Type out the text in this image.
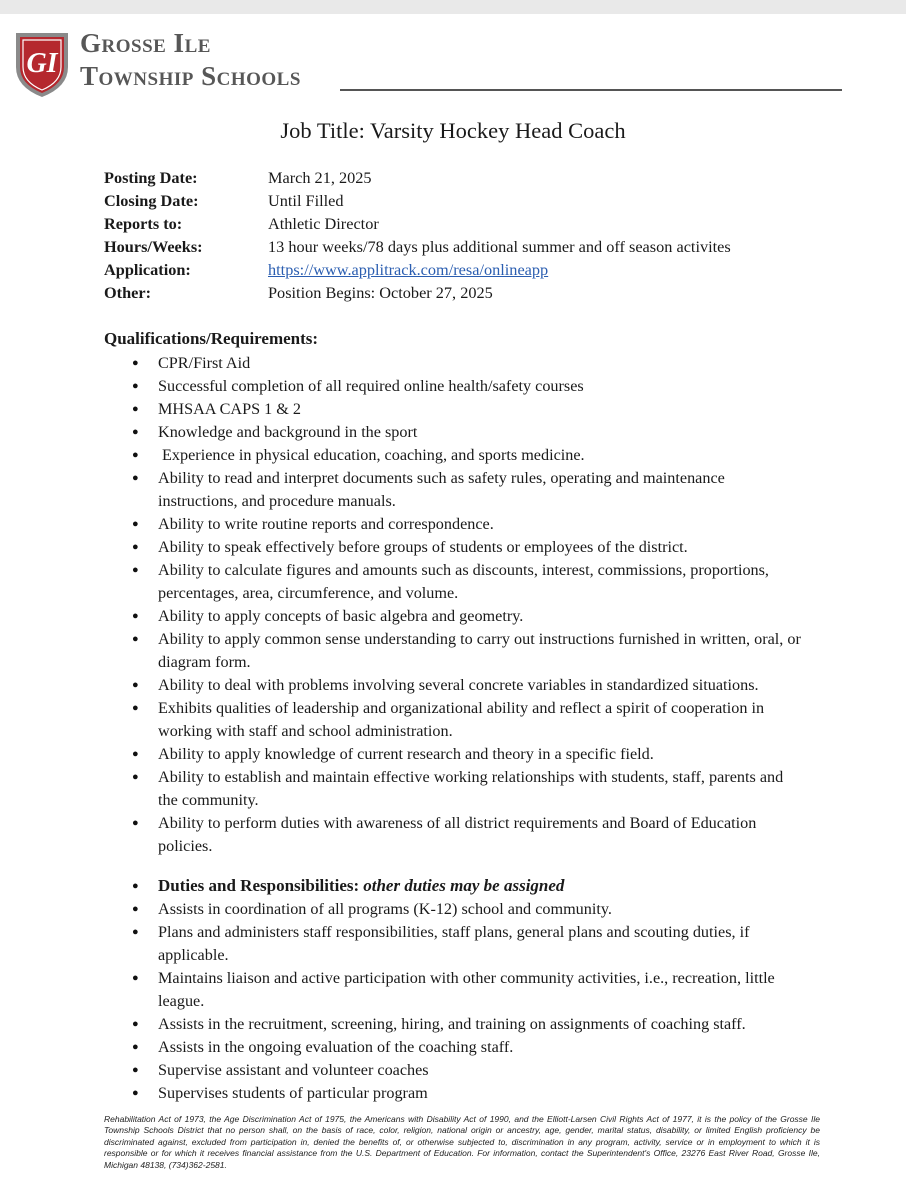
GI
Grosse Ile
Township Schools
Job Title: Varsity Hockey Head Coach
Posting Date:	March 21, 2025
Closing Date:	Until Filled
Reports to:	Athletic Director
Hours/Weeks:	13 hour weeks/78 days plus additional summer and off season activites
Application:	https://www.applitrack.com/resa/onlineapp
Other:	Position Begins: October 27, 2025
Qualifications/Requirements:
● CPR/First Aid
● Successful completion of all required online health/safety courses
● MHSAA CAPS 1 & 2
● Knowledge and background in the sport
●  Experience in physical education, coaching, and sports medicine.
● Ability to read and interpret documents such as safety rules, operating and maintenance instructions, and procedure manuals.
● Ability to write routine reports and correspondence.
● Ability to speak effectively before groups of students or employees of the district.
● Ability to calculate figures and amounts such as discounts, interest, commissions, proportions, percentages, area, circumference, and volume.
● Ability to apply concepts of basic algebra and geometry.
● Ability to apply common sense understanding to carry out instructions furnished in written, oral, or diagram form.
● Ability to deal with problems involving several concrete variables in standardized situations.
● Exhibits qualities of leadership and organizational ability and reflect a spirit of cooperation in working with staff and school administration.
● Ability to apply knowledge of current research and theory in a specific field.
● Ability to establish and maintain effective working relationships with students, staff, parents and the community.
● Ability to perform duties with awareness of all district requirements and Board of Education policies.
● Duties and Responsibilities: other duties may be assigned
● Assists in coordination of all programs (K-12) school and community.
● Plans and administers staff responsibilities, staff plans, general plans and scouting duties, if applicable.
● Maintains liaison and active participation with other community activities, i.e., recreation, little league.
● Assists in the recruitment, screening, hiring, and training on assignments of coaching staff.
● Assists in the ongoing evaluation of the coaching staff.
● Supervise assistant and volunteer coaches
● Supervises students of particular program
Rehabilitation Act of 1973, the Age Discrimination Act of 1975, the Americans with Disability Act of 1990, and the Elliott-Larsen Civil Rights Act of 1977, it is the policy of the Grosse Ile Township Schools District that no person shall, on the basis of race, color, religion, national origin or ancestry, age, gender, marital status, disability, or limited English proficiency be discriminated against, excluded from participation in, denied the benefits of, or otherwise subjected to, discrimination in any program, activity, service or in employment to which it is responsible or for which it receives financial assistance from the U.S. Department of Education. For information, contact the Superintendent's Office, 23276 East River Road, Grosse Ile, Michigan 48138, (734)362-2581.
